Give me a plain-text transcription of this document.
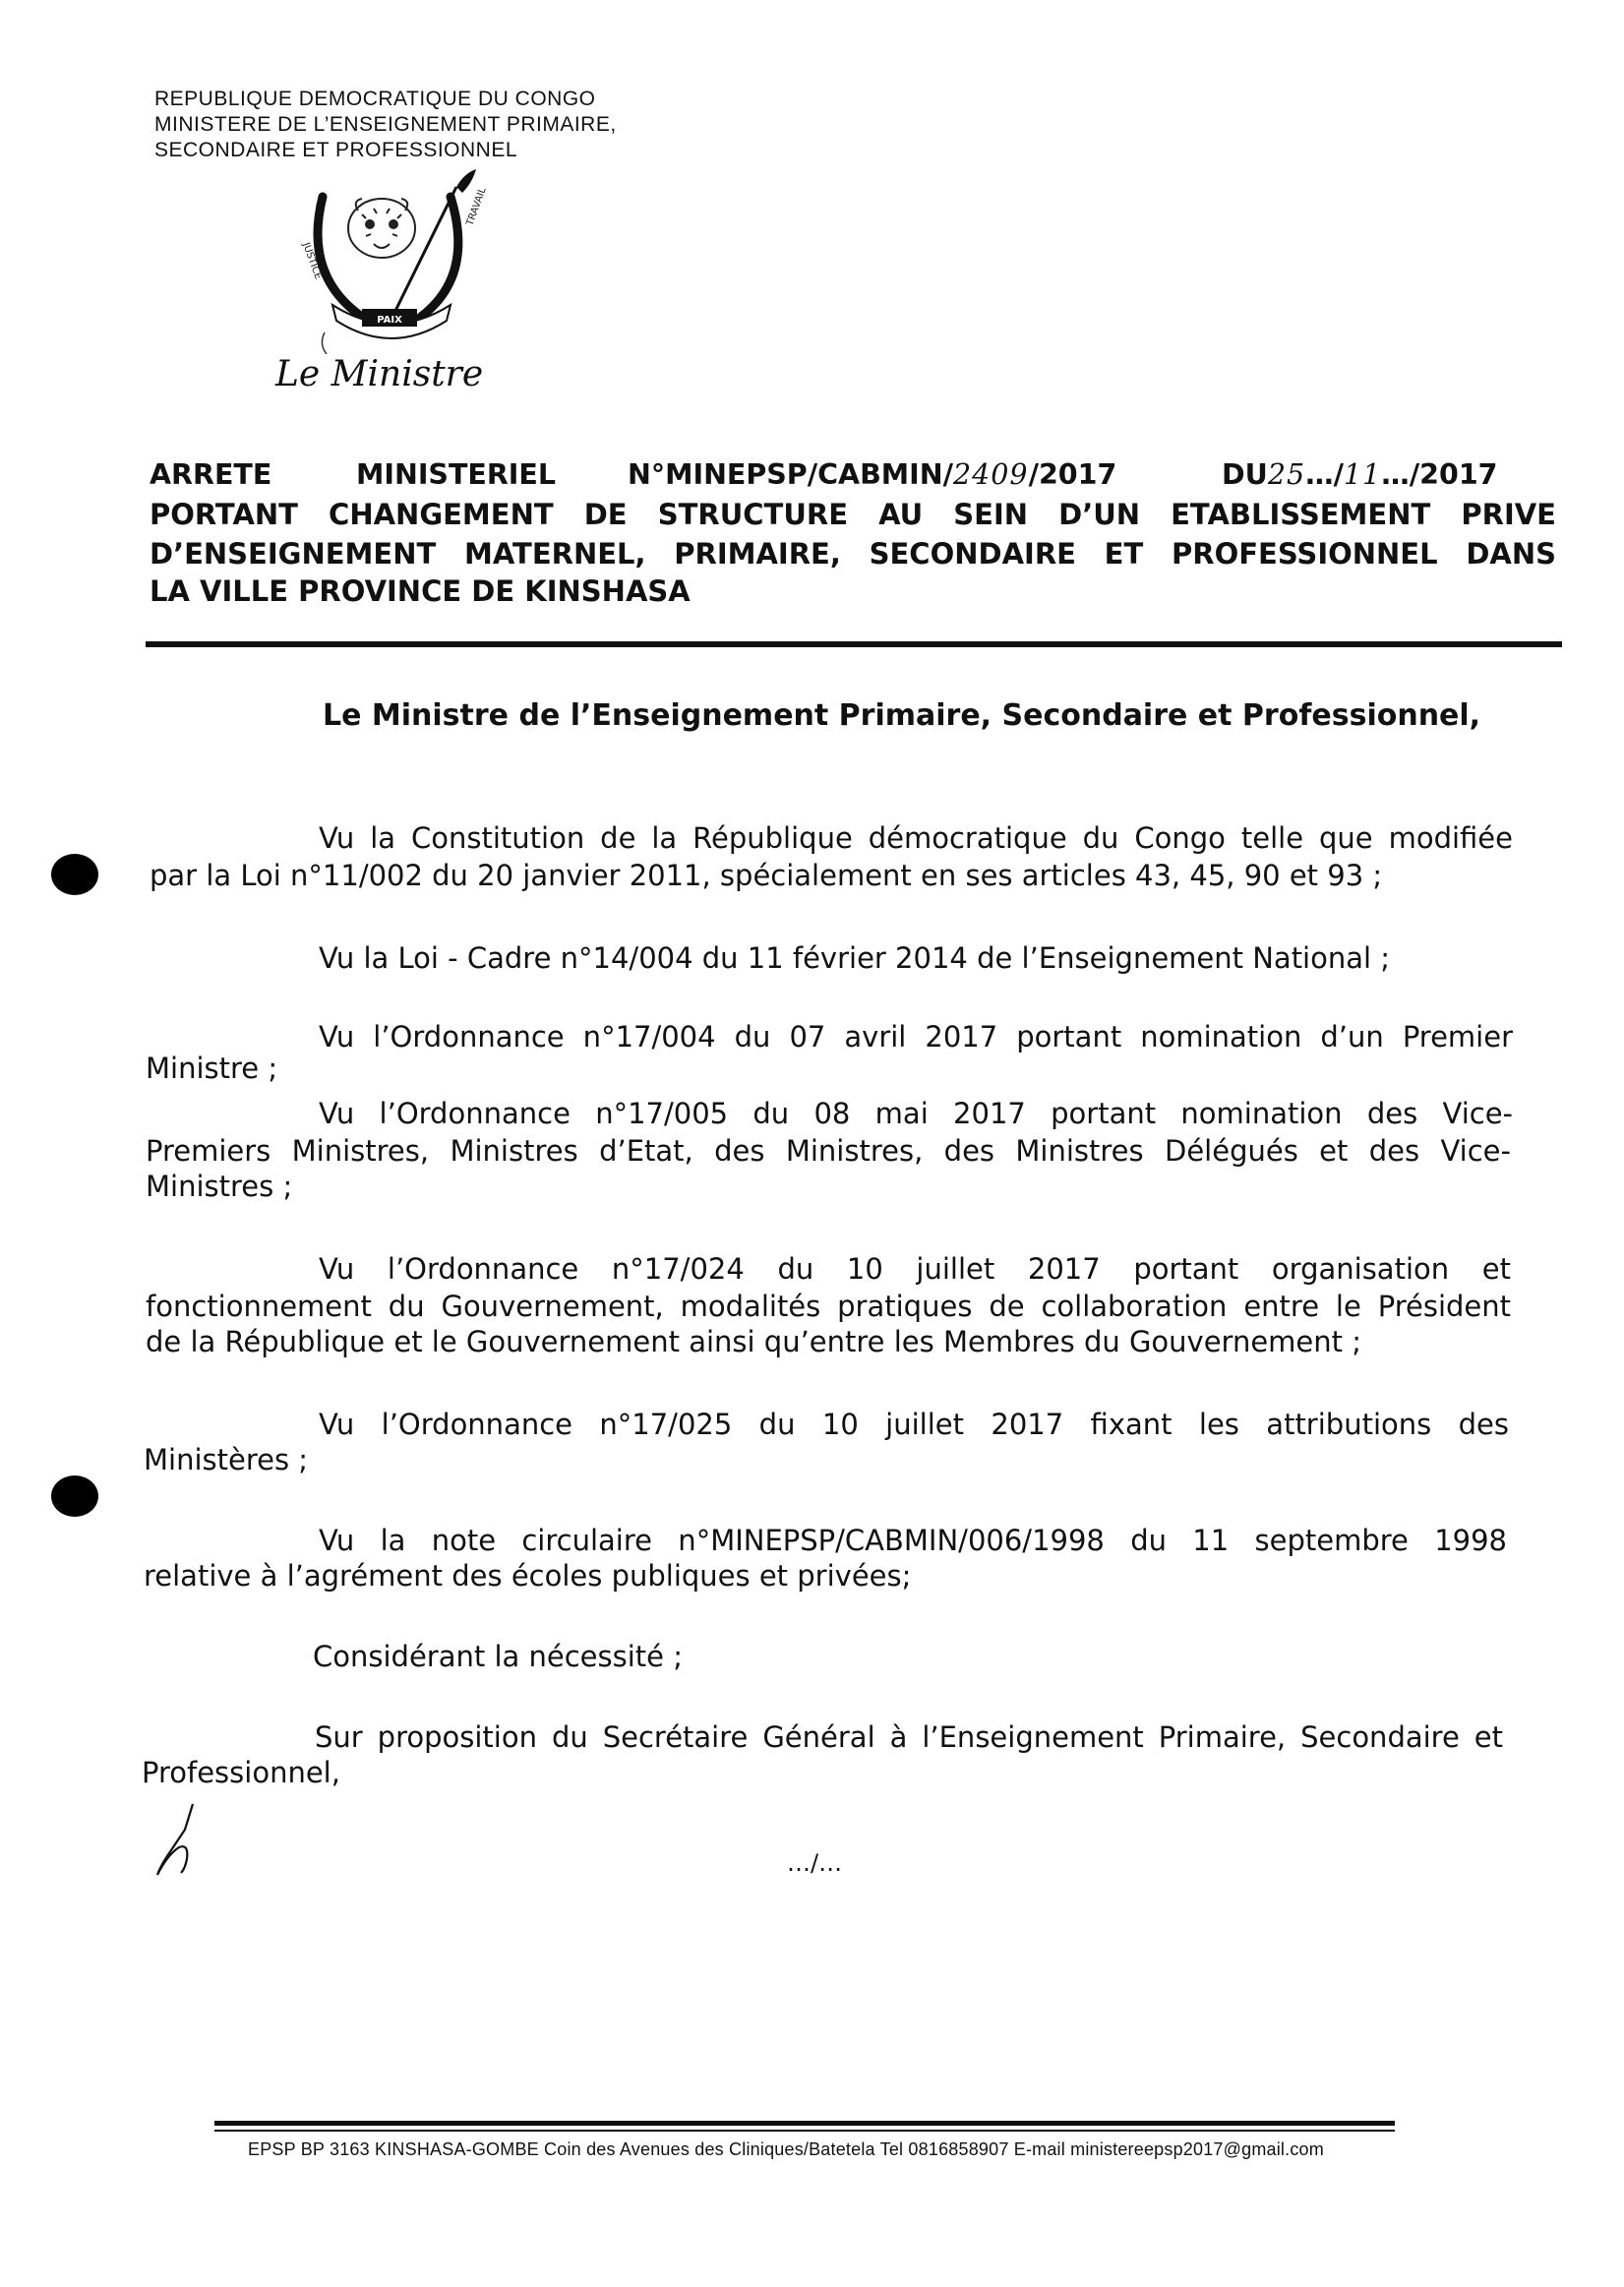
REPUBLIQUE DEMOCRATIQUE DU CONGO
MINISTERE DE L’ENSEIGNEMENT PRIMAIRE,
SECONDAIRE ET PROFESSIONNEL
PAIX
JUSTICE
TRAVAIL
Le Ministre
ARRETE	MINISTERIEL	N°MINEPSP/CABMIN/2409/2017	DU25…/11…/2017
PORTANT CHANGEMENT DE STRUCTURE AU SEIN D’UN ETABLISSEMENT PRIVE
D’ENSEIGNEMENT MATERNEL, PRIMAIRE, SECONDAIRE ET PROFESSIONNEL DANS
LA VILLE PROVINCE DE KINSHASA
Le Ministre de l’Enseignement Primaire, Secondaire et Professionnel,
Vu la Constitution de la République démocratique du Congo telle que modifiée
par la Loi n°11/002 du 20 janvier 2011, spécialement en ses articles 43, 45, 90 et 93 ;
Vu la Loi - Cadre n°14/004 du 11 février 2014 de l’Enseignement National ;
Vu l’Ordonnance n°17/004 du 07 avril 2017 portant nomination d’un Premier
Ministre ;
Vu l’Ordonnance n°17/005 du 08 mai 2017 portant nomination des Vice-
Premiers Ministres, Ministres d’Etat, des Ministres, des Ministres Délégués et des Vice-
Ministres ;
Vu l’Ordonnance n°17/024 du 10 juillet 2017 portant organisation et
fonctionnement du Gouvernement, modalités pratiques de collaboration entre le Président
de la République et le Gouvernement ainsi qu’entre les Membres du Gouvernement ;
Vu l’Ordonnance n°17/025 du 10 juillet 2017 fixant les attributions des
Ministères ;
Vu la note circulaire n°MINEPSP/CABMIN/006/1998 du 11 septembre 1998
relative à l’agrément des écoles publiques et privées;
Considérant la nécessité ;
Sur proposition du Secrétaire Général à l’Enseignement Primaire, Secondaire et
Professionnel,
…/…
EPSP BP 3163 KINSHASA-GOMBE Coin des Avenues des Cliniques/Batetela Tel 0816858907 E-mail ministereepsp2017@gmail.com
